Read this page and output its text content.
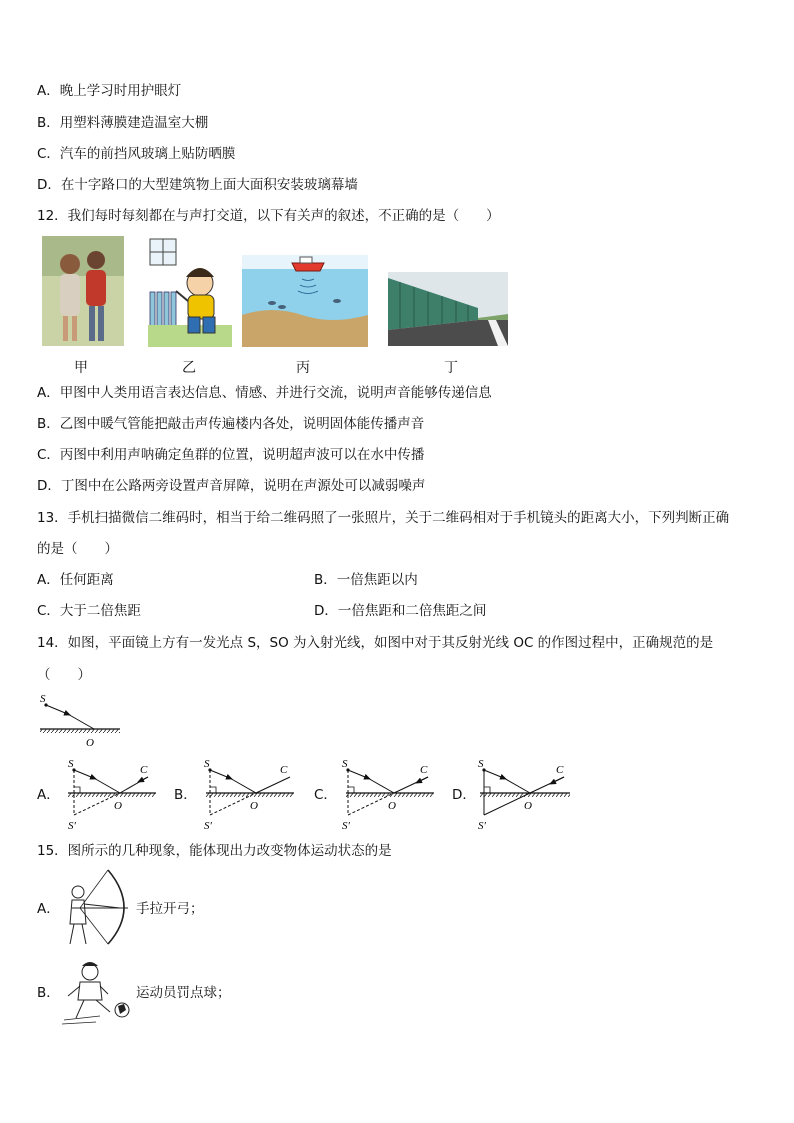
A．晚上学习时用护眼灯
B．用塑料薄膜建造温室大棚
C．汽车的前挡风玻璃上贴防晒膜
D．在十字路口的大型建筑物上面大面积安装玻璃幕墙
12．我们每时每刻都在与声打交道，以下有关声的叙述，不正确的是（　　）
甲	乙	丙	丁
A．甲图中人类用语言表达信息、情感、并进行交流，说明声音能够传递信息
B．乙图中暖气管能把敲击声传遍楼内各处，说明固体能传播声音
C．丙图中利用声呐确定鱼群的位置，说明超声波可以在水中传播
D．丁图中在公路两旁设置声音屏障，说明在声源处可以减弱噪声
13．手机扫描微信二维码时，相当于给二维码照了一张照片，关于二维码相对于手机镜头的距离大小，下列判断正确
的是（　　）
A．任何距离	B．一倍焦距以内
C．大于二倍焦距	D．一倍焦距和二倍焦距之间
14．如图，平面镜上方有一发光点 S，SO 为入射光线，如图中对于其反射光线 OC 的作图过程中，正确规范的是
（　　）
S
O
A．
S	C
O
S′
B．
S	C
O
S′
C．
S	C
O
S′
D．
S	C
O
S′
15．图所示的几种现象，能体现出力改变物体运动状态的是
A．	手拉开弓；
B．	运动员罚点球；
